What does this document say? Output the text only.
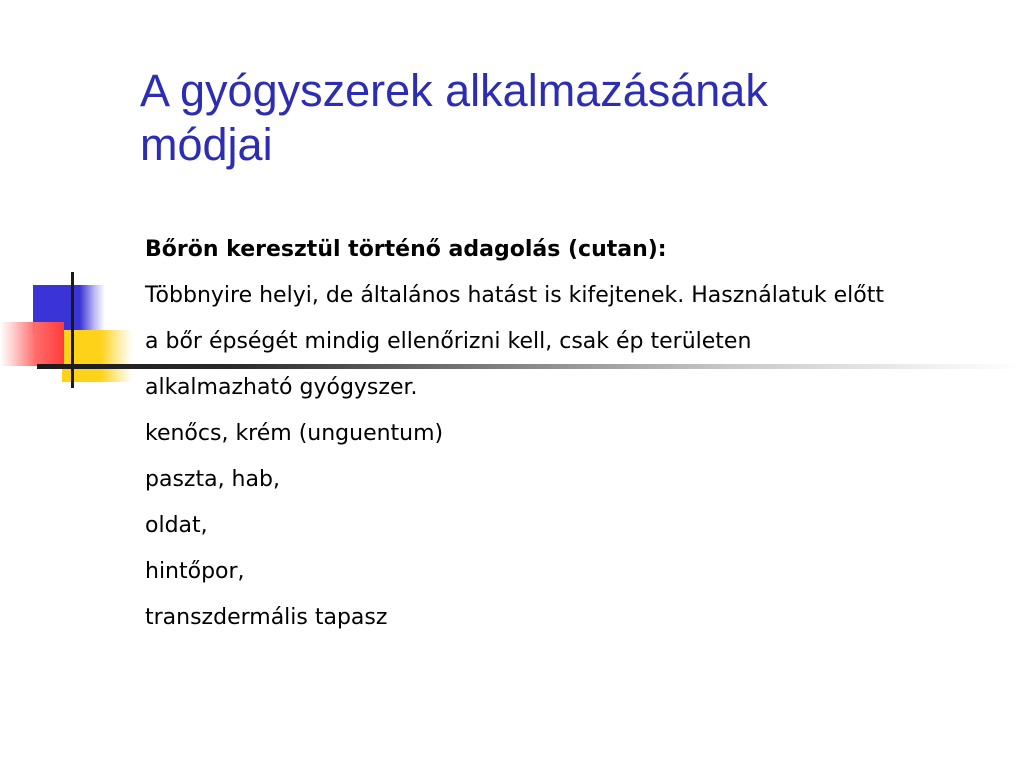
A gyógyszerek alkalmazásának
módjai
Bőrön keresztül történő adagolás (cutan):
Többnyire helyi, de általános hatást is kifejtenek. Használatuk előtt
a bőr épségét mindig ellenőrizni kell, csak ép területen
alkalmazható gyógyszer.
kenőcs, krém (unguentum)
paszta, hab,
oldat,
hintőpor,
transzdermális tapasz
